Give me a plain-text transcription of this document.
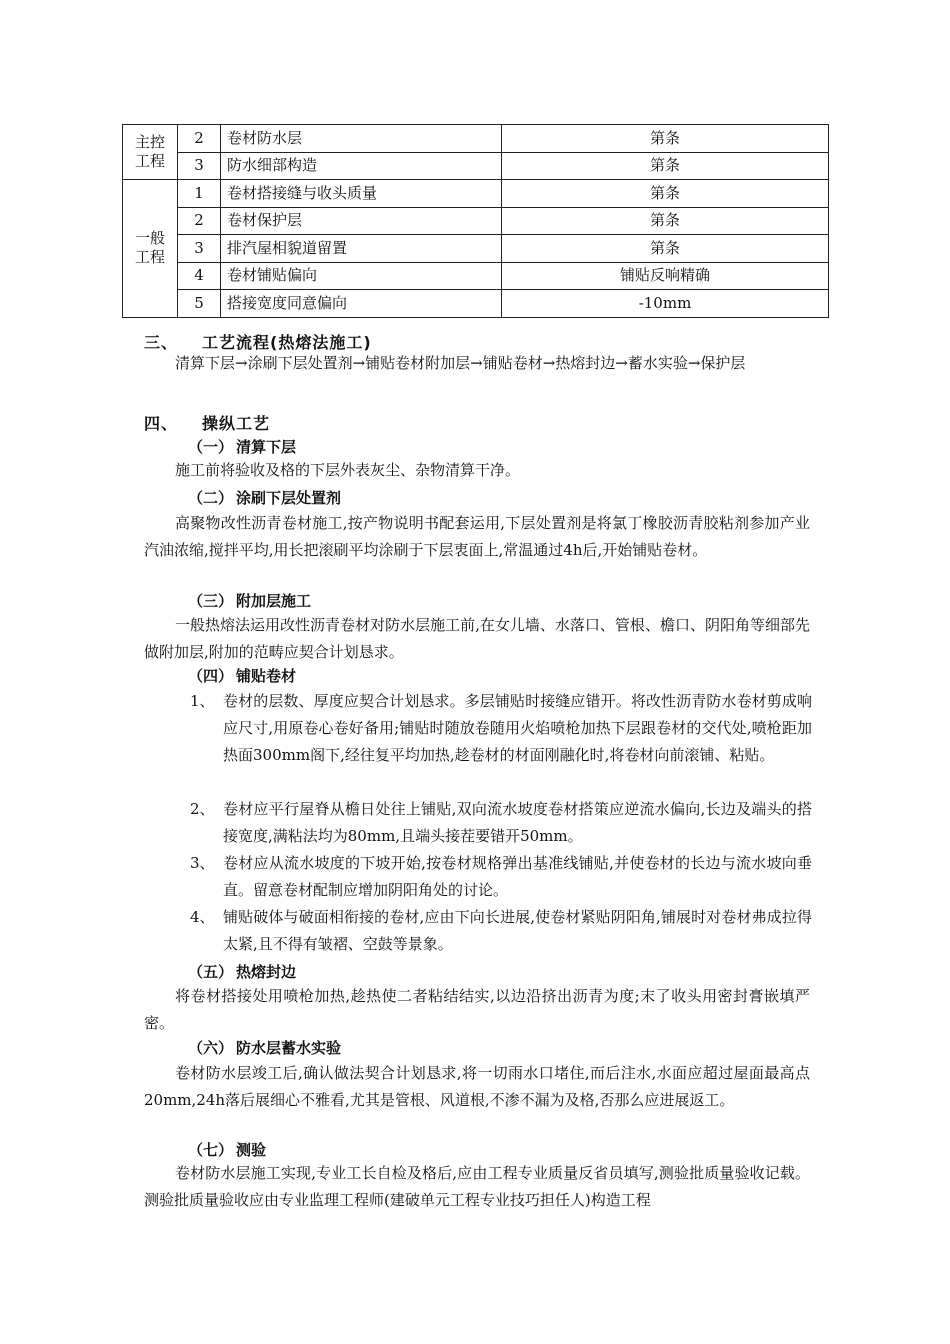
主控
工程	2	卷材防水层	第条
	3	防水细部构造	第条
一般
工程	1	卷材搭接缝与收头质量	第条
	2	卷材保护层	第条
	3	排汽屋相貌道留置	第条
	4	卷材铺贴偏向	铺贴反响精确
	5	搭接宽度同意偏向	-10mm
三、 工艺流程(热熔法施工)
清算下层→涂刷下层处置剂→铺贴卷材附加层→铺贴卷材→热熔封边→蓄水实验→保护层
四、 操纵工艺
（一） 清算下层
施工前将验收及格的下层外表灰尘、杂物清算干净。
（二） 涂刷下层处置剂
高聚物改性沥青卷材施工,按产物说明书配套运用,下层处置剂是将氯丁橡胶沥青胶粘剂参加产业汽油浓缩,搅拌平均,用长把滚刷平均涂刷于下层衷面上,常温通过4h后,开始铺贴卷材。
（三） 附加层施工
一般热熔法运用改性沥青卷材对防水层施工前,在女儿墙、水落口、管根、檐口、阴阳角等细部先做附加层,附加的范畴应契合计划恳求。
（四） 铺贴卷材
1、 卷材的层数、厚度应契合计划恳求。多层铺贴时接缝应错开。将改性沥青防水卷材剪成响应尺寸,用原卷心卷好备用;铺贴时随放卷随用火焰喷枪加热下层跟卷材的交代处,喷枪距加热面300mm阁下,经往复平均加热,趁卷材的材面刚融化时,将卷材向前滚铺、粘贴。
2、 卷材应平行屋脊从檐日处往上铺贴,双向流水坡度卷材搭策应逆流水偏向,长边及端头的搭接宽度,满粘法均为80mm,且端头接茬要错开50mm。
3、 卷材应从流水坡度的下坡开始,按卷材规格弹出基准线铺贴,并使卷材的长边与流水坡向垂直。留意卷材配制应增加阴阳角处的讨论。
4、 铺贴破体与破面相衔接的卷材,应由下向长进展,使卷材紧贴阴阳角,铺展时对卷材弗成拉得太紧,且不得有皱褶、空鼓等景象。
（五） 热熔封边
将卷材搭接处用喷枪加热,趁热使二者粘结结实,以边沿挤出沥青为度;末了收头用密封膏嵌填严密。
（六） 防水层蓄水实验
卷材防水层竣工后,确认做法契合计划恳求,将一切雨水口堵住,而后注水,水面应超过屋面最高点20mm,24h落后展细心不雅看,尤其是管根、风道根,不渗不漏为及格,否那么应进展返工。
（七） 测验
卷材防水层施工实现,专业工长自检及格后,应由工程专业质量反省员填写,测验批质量验收记载。测验批质量验收应由专业监理工程师(建破单元工程专业技巧担任人)构造工程
